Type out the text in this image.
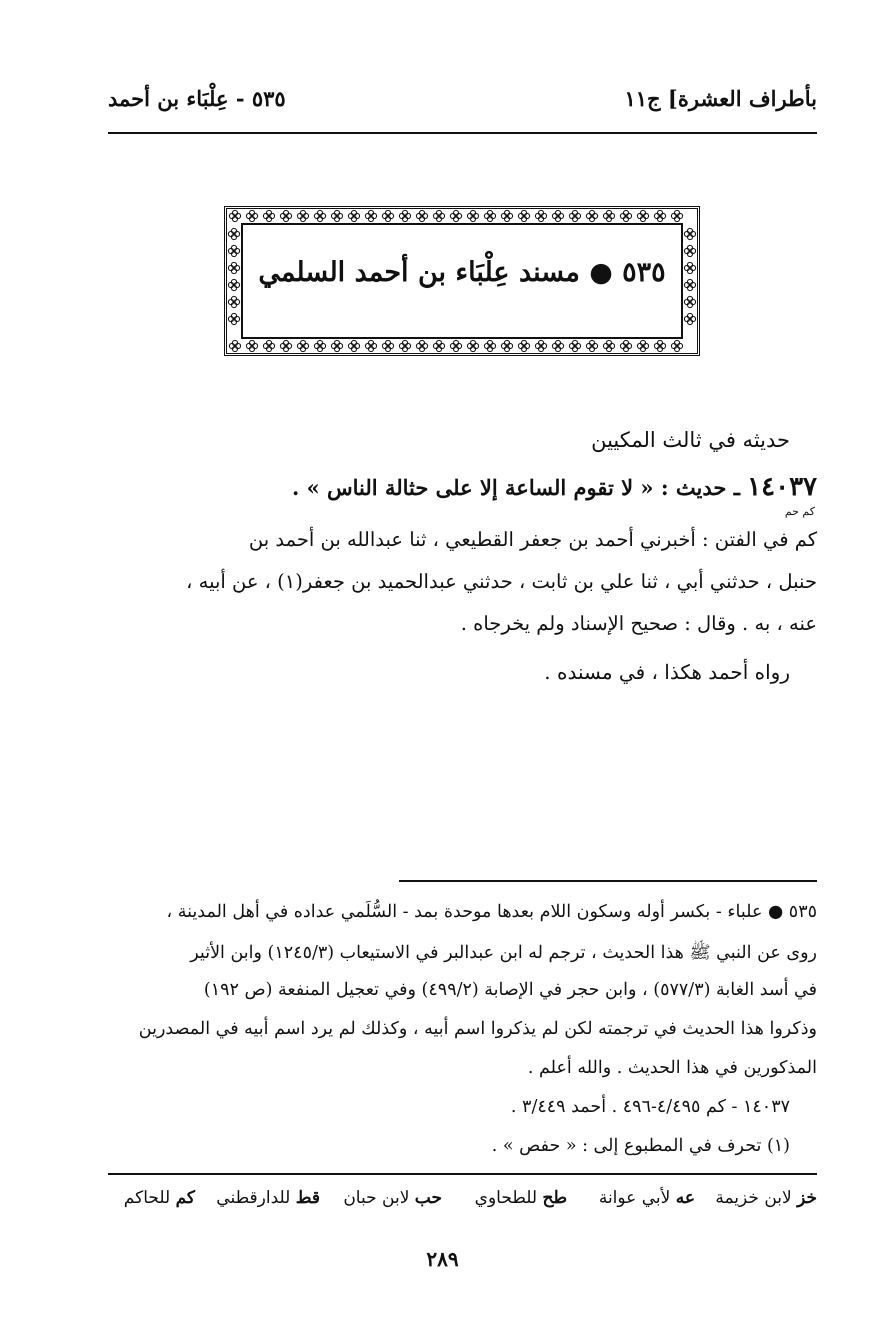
بأطراف العشرة] ج١١
٥٣٥ - عِلْبَاء بن أحمد
٥٣٥ ● مسند عِلْبَاء بن أحمد السلمي
حديثه في ثالث المكيين
١٤٠٣٧ ـ حديث : « لا تقوم الساعة إلا على حثالة الناس » .
كم حم
كم في الفتن : أخبرني أحمد بن جعفر القطيعي ، ثنا عبدالله بن أحمد بن
حنبل ، حدثني أبي ، ثنا علي بن ثابت ، حدثني عبدالحميد بن جعفر(١) ، عن أبيه ،
عنه ، به . وقال : صحيح الإسناد ولم يخرجاه .
رواه أحمد هكذا ، في مسنده .
٥٣٥ ● علباء - بكسر أوله وسكون اللام بعدها موحدة بمد - السُّلَمي عداده في أهل المدينة ،
روى عن النبي ﷺ هذا الحديث ، ترجم له ابن عبدالبر في الاستيعاب (١٢٤٥/٣) وابن الأثير
في أسد الغابة (٥٧٧/٣) ، وابن حجر في الإصابة (٤٩٩/٢) وفي تعجيل المنفعة (ص ١٩٢)
وذكروا هذا الحديث في ترجمته لكن لم يذكروا اسم أبيه ، وكذلك لم يرد اسم أبيه في المصدرين
المذكورين في هذا الحديث . والله أعلم .
١٤٠٣٧ - كم ٤/٤٩٥-٤٩٦ . أحمد ٣/٤٤٩ .
(١) تحرف في المطبوع إلى : « حفص » .
خز لابن خزيمة
عه لأبي عوانة
طح للطحاوي
حب لابن حبان
قط للدارقطني
كم للحاكم
٢٨٩
